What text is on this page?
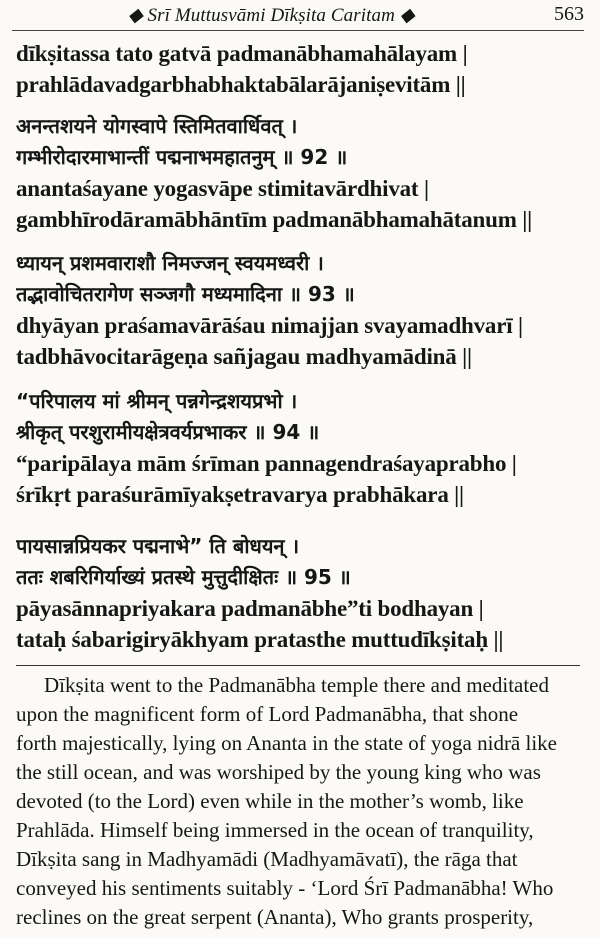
◆ Srī Muttusvāmi Dīkṣita Caritam ◆	563
dīkṣitassa tato gatvā padmanābhamahālayam |
prahlādavadgarbhabhaktabālarājaniṣevitām ||
अनन्तशयने योगस्वापे स्तिमितवार्धिवत् ।
गम्भीरोदारमाभान्तीं पद्मनाभमहातनुम् ॥ 92 ॥
anantaśayane yogasvāpe stimitavārdhivat |
gambhīrodāramābhāntīm padmanābhamahātanum ||
ध्यायन् प्रशमवाराशौ निमज्जन् स्वयमध्वरी ।
तद्भावोचितरागेण सञ्जगौ मध्यमादिना ॥ 93 ॥
dhyāyan praśamavārāśau nimajjan svayamadhvarī |
tadbhāvocitarāgeṇa sañjagau madhyamādinā ||
“परिपालय मां श्रीमन् पन्नगेन्द्रशयप्रभो ।
श्रीकृत् परशुरामीयक्षेत्रवर्यप्रभाकर ॥ 94 ॥
“paripālaya mām śrīman pannagendraśayaprabho |
śrīkṛt paraśurāmīyakṣetravarya prabhākara ||
पायसान्नप्रियकर पद्मनाभे” ति बोधयन् ।
ततः शबरिगिर्याख्यं प्रतस्थे मुत्तुदीक्षितः ॥ 95 ॥
pāyasānnapriyakara padmanābhe”ti bodhayan |
tataḥ śabarigiryākhyam pratasthe muttudīkṣitaḥ ||
Dīkṣita went to the Padmanābha temple there and meditated
upon the magnificent form of Lord Padmanābha, that shone
forth majestically, lying on Ananta in the state of yoga nidrā like
the still ocean, and was worshiped by the young king who was
devoted (to the Lord) even while in the mother’s womb, like
Prahlāda. Himself being immersed in the ocean of tranquility,
Dīkṣita sang in Madhyamādi (Madhyamāvatī), the rāga that
conveyed his sentiments suitably - ‘Lord Śrī Padmanābha! Who
reclines on the great serpent (Ananta), Who grants prosperity,
